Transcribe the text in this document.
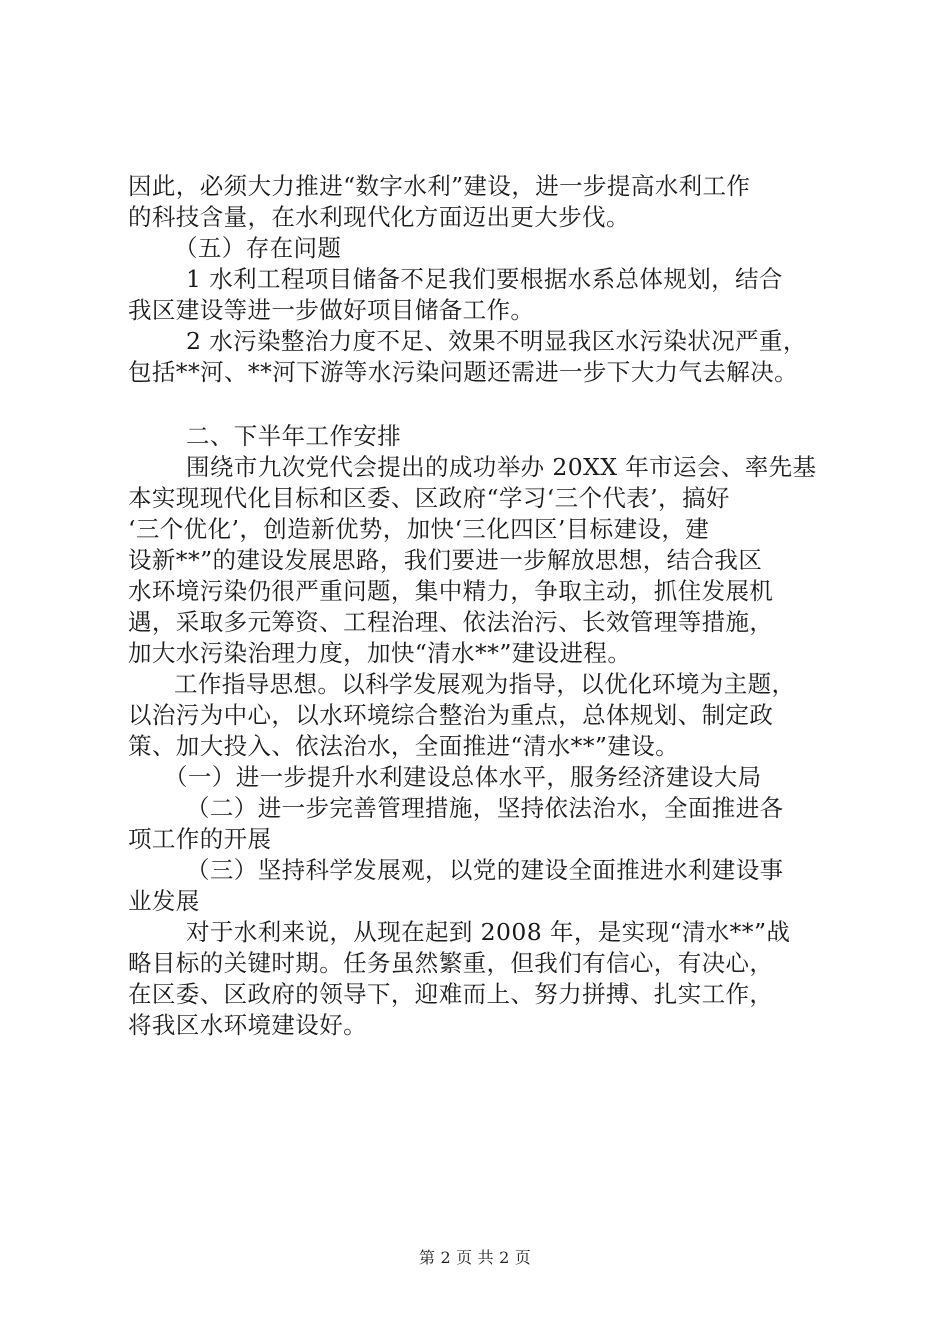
因此，必须大力推进“数字水利”建设，进一步提高水利工作
的科技含量，在水利现代化方面迈出更大步伐。
（五）存在问题
1 水利工程项目储备不足我们要根据水系总体规划，结合
我区建设等进一步做好项目储备工作。
2 水污染整治力度不足、效果不明显我区水污染状况严重，
包括**河、**河下游等水污染问题还需进一步下大力气去解决。
二、下半年工作安排
围绕市九次党代会提出的成功举办 20XX 年市运会、率先基
本实现现代化目标和区委、区政府“学习‘三个代表’，搞好
‘三个优化’，创造新优势，加快‘三化四区’目标建设，建
设新**”的建设发展思路，我们要进一步解放思想，结合我区
水环境污染仍很严重问题，集中精力，争取主动，抓住发展机
遇，采取多元筹资、工程治理、依法治污、长效管理等措施，
加大水污染治理力度，加快“清水**”建设进程。
工作指导思想。以科学发展观为指导，以优化环境为主题，
以治污为中心，以水环境综合整治为重点，总体规划、制定政
策、加大投入、依法治水，全面推进“清水**”建设。
（一）进一步提升水利建设总体水平，服务经济建设大局
（二）进一步完善管理措施，坚持依法治水，全面推进各
项工作的开展
（三）坚持科学发展观，以党的建设全面推进水利建设事
业发展
对于水利来说，从现在起到 2008 年，是实现“清水**”战
略目标的关键时期。任务虽然繁重，但我们有信心，有决心，
在区委、区政府的领导下，迎难而上、努力拼搏、扎实工作，
将我区水环境建设好。
第 2 页 共 2 页
